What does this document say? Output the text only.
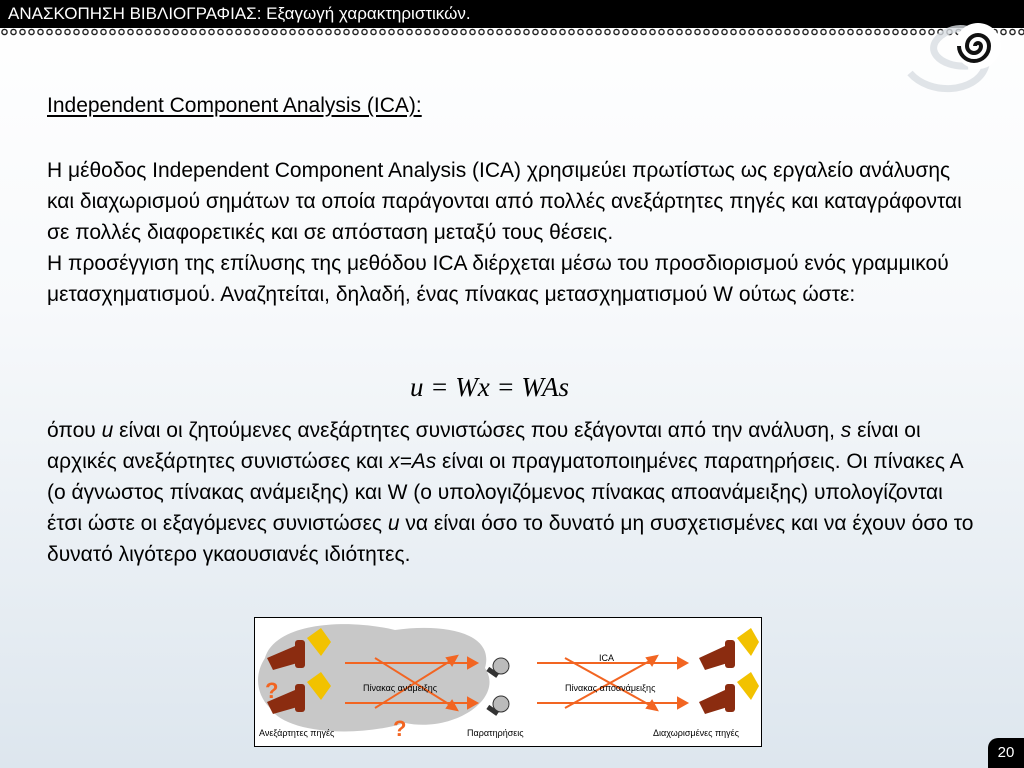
ΑΝΑΣΚΟΠΗΣΗ ΒΙΒΛΙΟΓΡΑΦΙΑΣ: Εξαγωγή χαρακτηριστικών.
Independent Component Analysis (ICA):

Η μέθοδος Independent Component Analysis (ICA) χρησιμεύει πρωτίστως ως εργαλείο ανάλυσης και διαχωρισμού σημάτων τα οποία παράγονται από πολλές ανεξάρτητες πηγές και καταγράφονται σε πολλές διαφορετικές και σε απόσταση μεταξύ τους θέσεις.

Η προσέγγιση της επίλυσης της μεθόδου ICA διέρχεται μέσω του προσδιορισμού ενός γραμμικού μετασχηματισμού. Αναζητείται, δηλαδή, ένας πίνακας μετασχηματισμού W ούτως ώστε:

u = Wx = WAs

όπου u είναι οι ζητούμενες ανεξάρτητες συνιστώσες που εξάγονται από την ανάλυση, s είναι οι αρχικές ανεξάρτητες συνιστώσες και x=As είναι οι πραγματοποιημένες παρατηρήσεις. Οι πίνακες Α (ο άγνωστος πίνακας ανάμειξης) και W (ο υπολογιζόμενος πίνακας αποανάμειξης) υπολογίζονται έτσι ώστε οι εξαγόμενες συνιστώσες u να είναι όσο το δυνατό μη συσχετισμένες και να έχουν όσο το δυνατό λιγότερο γκαουσιανές ιδιότητες.

?
?
Ανεξάρτητες πηγές
Πίνακας ανάμειξης
Παρατηρήσεις
ICA
Πίνακας αποανάμειξης
Διαχωρισμένες πηγές
20
